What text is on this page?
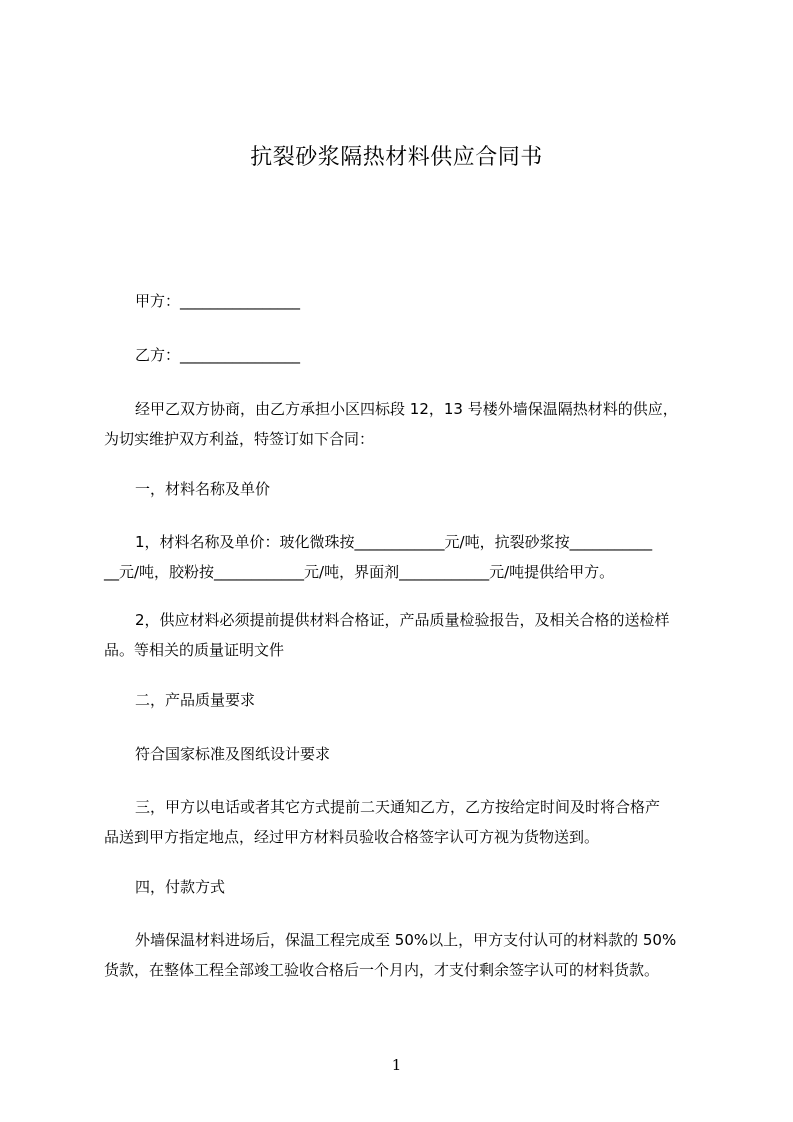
抗裂砂浆隔热材料供应合同书
甲方：________________
乙方：________________
经甲乙双方协商，由乙方承担小区四标段 12，13 号楼外墙保温隔热材料的供应，
为切实维护双方利益，特签订如下合同：
一，材料名称及单价
1，材料名称及单价：玻化微珠按____________元/吨，抗裂砂浆按___________
__元/吨，胶粉按____________元/吨，界面剂____________元/吨提供给甲方。
2，供应材料必须提前提供材料合格证，产品质量检验报告，及相关合格的送检样
品。等相关的质量证明文件
二，产品质量要求
符合国家标准及图纸设计要求
三，甲方以电话或者其它方式提前二天通知乙方，乙方按给定时间及时将合格产
品送到甲方指定地点，经过甲方材料员验收合格签字认可方视为货物送到。
四，付款方式
外墙保温材料进场后，保温工程完成至 50%以上，甲方支付认可的材料款的 50%
货款，在整体工程全部竣工验收合格后一个月内，才支付剩余签字认可的材料货款。
1
